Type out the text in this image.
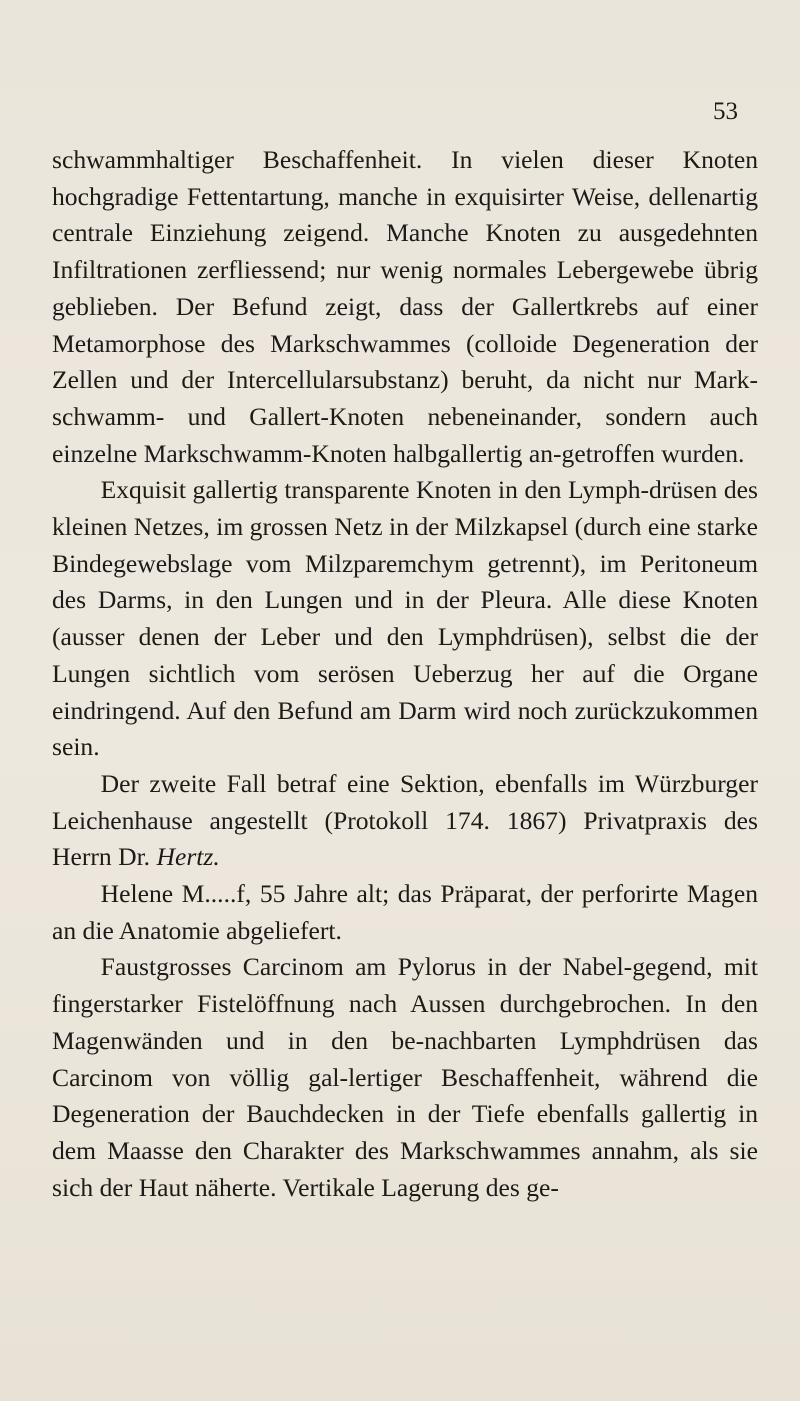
53

schwammhaltiger Beschaffenheit. In vielen dieser Knoten hochgradige Fettentartung, manche in exquisirter Weise, dellenartig centrale Einziehung zeigend. Manche Knoten zu ausgedehnten Infiltrationen zerfliessend; nur wenig normales Lebergewebe übrig geblieben. Der Befund zeigt, dass der Gallertkrebs auf einer Metamorphose des Markschwammes (colloide Degeneration der Zellen und der Intercellularsubstanz) beruht, da nicht nur Mark-schwamm- und Gallert-Knoten nebeneinander, sondern auch einzelne Markschwamm-Knoten halbgallertig an-getroffen wurden.

Exquisit gallertig transparente Knoten in den Lymph-drüsen des kleinen Netzes, im grossen Netz in der Milzkapsel (durch eine starke Bindegewebslage vom Milzparemchym getrennt), im Peritoneum des Darms, in den Lungen und in der Pleura. Alle diese Knoten (ausser denen der Leber und den Lymphdrüsen), selbst die der Lungen sichtlich vom serösen Ueberzug her auf die Organe eindringend. Auf den Befund am Darm wird noch zurückzukommen sein.

Der zweite Fall betraf eine Sektion, ebenfalls im Würzburger Leichenhause angestellt (Protokoll 174. 1867) Privatpraxis des Herrn Dr. Hertz.

Helene M.....f, 55 Jahre alt; das Präparat, der perforirte Magen an die Anatomie abgeliefert.

Faustgrosses Carcinom am Pylorus in der Nabel-gegend, mit fingerstarker Fistelöffnung nach Aussen durchgebrochen. In den Magenwänden und in den be-nachbarten Lymphdrüsen das Carcinom von völlig gal-lertiger Beschaffenheit, während die Degeneration der Bauchdecken in der Tiefe ebenfalls gallertig in dem Maasse den Charakter des Markschwammes annahm, als sie sich der Haut näherte. Vertikale Lagerung des ge-
